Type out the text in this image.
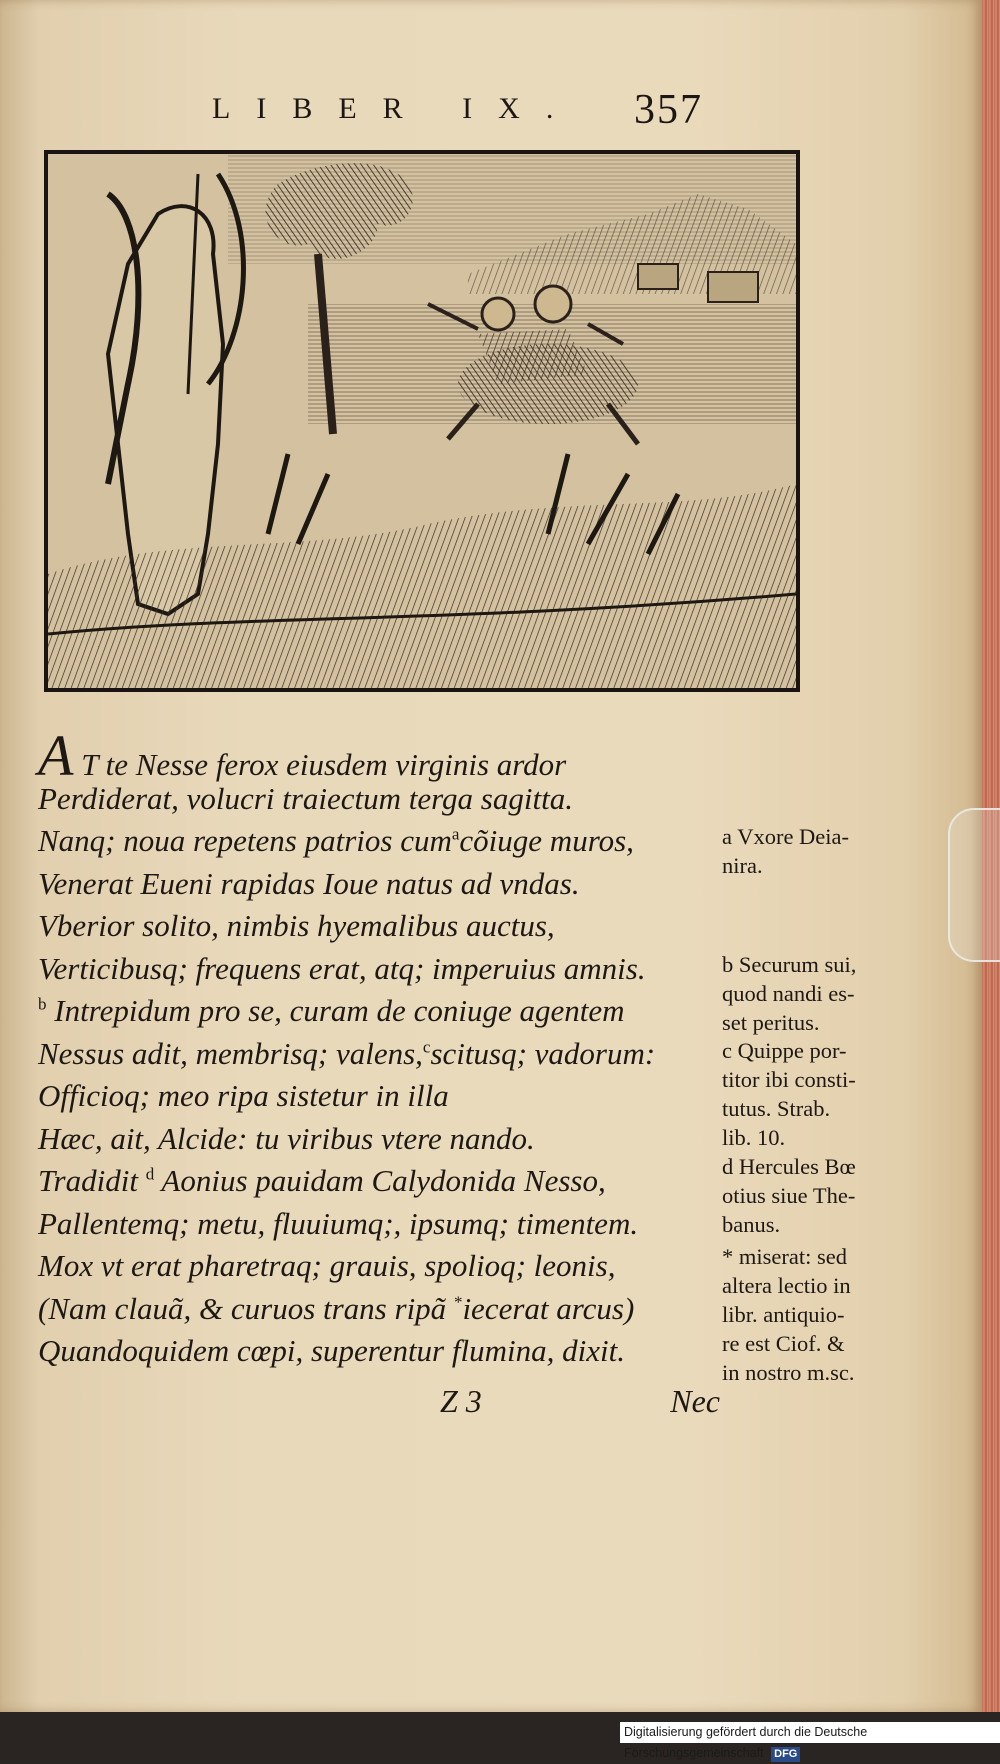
LIBER IX. 357
A T te Nesse ferox eiusdem virginis ardor
Perdiderat, volucri traiectum terga sagitta.
Nanq; noua repetens patrios cum$^a$cõiuge muros,
Venerat Eueni rapidas Ioue natus ad vndas.
Vberior solito, nimbis hyemalibus auctus,
Verticibusq; frequens erat, atq; imperuius amnis.
$^b$ Intrepidum pro se, curam de coniuge agentem
Nessus adit, membrisq; valens,$^c$scitusq; vadorum:
Officioq; meo ripa sistetur in illa
Hæc, ait, Alcide: tu viribus vtere nando.
Tradidit $^d$ Aonius pauidam Calydonida Nesso,
Pallentemq; metu, fluuiumq;, ipsumq; timentem.
Mox vt erat pharetraq; grauis, spolioq; leonis,
(Nam clauã, & curuos trans ripã *iecerat arcus)
Quandoquidem cœpi, superentur flumina, dixit.
Z 3	Nec
a Vxore Deia-
nira.
b Securum sui,
quod nandi es-
set peritus.
c Quippe por-
titor ibi consti-
tutus. Strab.
lib. 10.
d Hercules Bœ
otius siue The-
banus.
* miserat: sed
altera lectio in
libr. antiquio-
re est Ciof. &
in nostro m.sc.
Digitalisierung gefördert durch die Deutsche Forschungsgemeinschaft DFG
